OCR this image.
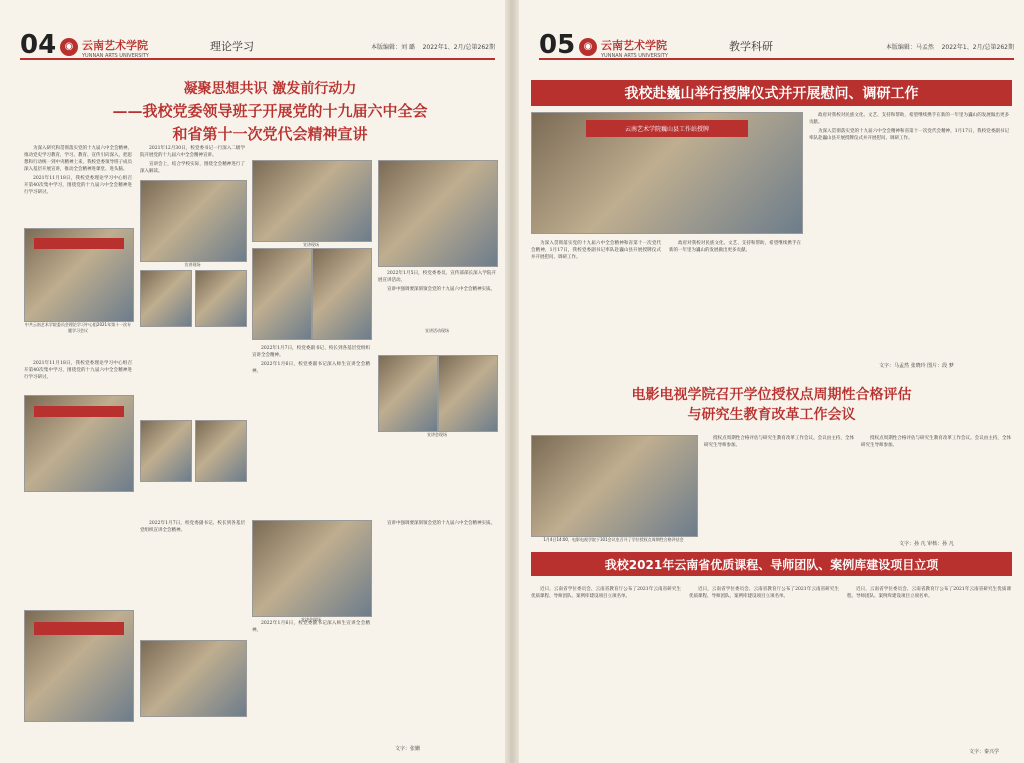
04 ◉ 云南艺术学院
YUNNAN ARTS UNIVERSITY
理论学习	本版编辑：刘 璐 2022年1、2月/总第262期

凝聚思想共识 激发前行动力

——我校党委领导班子开展党的十九届六中全会

和省第十一次党代会精神宣讲

为深入研究和贯彻落实党的十九届六中全会精神，推动党史学习教育，学习、教育、宣传引向深入，把思想和行动统一到中央精神上来，我校党委领导班子成员深入基层开展宣讲，推动全会精神进课堂、进头脑。

2021年11月18日，我校党委理论学习中心组召开第40次集中学习，围绕党的十九届六中全会精神进行学习研讨。

2021年12月30日，校党委书记一行深入二级学院开展党的十九届六中全会精神宣讲。

宣讲会上，结合学校实际，围绕全会精神进行了深入解读。

2022年1月7日，校党委副书记、校长到各基层党组织宣讲全会精神。

2022年1月6日，校党委副书记深入师生宣讲全会精神。

2022年1月5日，校党委委员、宣传部部长深入学院开展宣讲活动。

宣讲中强调要深刻领会党的十九届六中全会精神实质。

2021年11月18日，我校党委理论学习中心组召开第40次集中学习，围绕党的十九届六中全会精神进行学习研讨。

2022年1月7日，校党委副书记、校长到各基层党组织宣讲全会精神。

2022年1月6日，校党委副书记深入师生宣讲全会精神。

宣讲中强调要深刻领会党的十九届六中全会精神实质。

中共云南艺术学院委员会理论学习中心组2021年第十一次专题学习会议
宣讲现场
宣讲现场
宣讲会现场
宣讲活动现场
宣讲会现场
文字：张姗
05 ◉ 云南艺术学院
YUNNAN ARTS UNIVERSITY
教学科研	本版编辑：马孟然 2022年1、2月/总第262期
我校赴巍山举行授牌仪式并开展慰问、调研工作
云南艺术学院巍山县工作站授牌

为深入贯彻落实党的十九届六中全会精神和省第十一次党代会精神，1月17日，我校党委副书记率队赴巍山县开展授牌仪式并开展慰问、调研工作。

政府对我校对民族文化、文艺、支持和帮助，希望继续携手在新的一年里为巍山的发展做出更多贡献。

政府对我校对民族文化、文艺、支持和帮助，希望继续携手在新的一年里为巍山的发展做出更多贡献。

为深入贯彻落实党的十九届六中全会精神和省第十一次党代会精神，1月17日，我校党委副书记率队赴巍山县开展授牌仪式并开展慰问、调研工作。

文字：马孟然 张晓玲 图片：段 梦
电影电视学院召开学位授权点周期性合格评估
与研究生教育改革工作会议
1月4日14:00，电影电视学院于301会议室召开了学位授权点周期性合格评估会

授权点周期性合格评估与研究生教育改革工作会议。会议由主持，全体研究生导师参加。

授权点周期性合格评估与研究生教育改革工作会议。会议由主持，全体研究生导师参加。

文字：孙 凡 审核：孙 凡
我校2021年云南省优质课程、导师团队、案例库建设项目立项

近日，云南省学位委员会、云南省教育厅公布了2021年云南省研究生优质课程、导师团队、案例库建设项目立项名单。

近日，云南省学位委员会、云南省教育厅公布了2021年云南省研究生优质课程、导师团队、案例库建设项目立项名单。

近日，云南省学位委员会、云南省教育厅公布了2021年云南省研究生优质课程、导师团队、案例库建设项目立项名单。

文字：秦兴学
